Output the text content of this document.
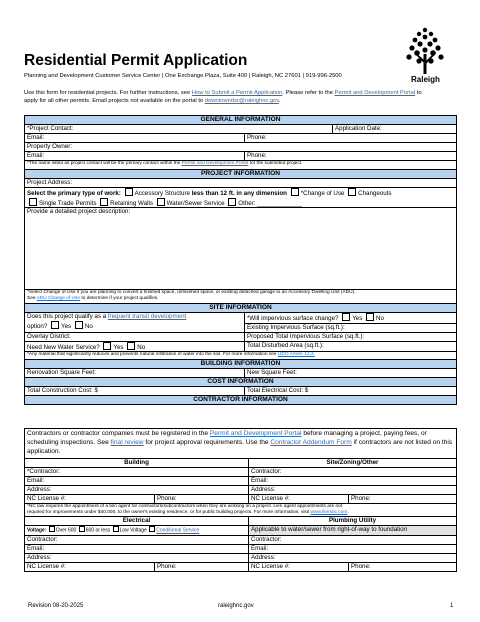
Raleigh
Residential Permit Application
Planning and Development Customer Service Center | One Exchange Plaza, Suite 400 | Raleigh, NC 27601 | 919-996-2500
Use this form for residential projects. For further instructions, see How to Submit a Permit Application. Please refer to the Permit and Development Portal to apply for all other permits. Email projects not available on the portal to downtowndsr@raleighnc.gov.
GENERAL INFORMATION		
*Project Contact:		Application Date:
Email:	Phone:	
Property Owner:		
Email:	Phone:	
*The name listed as project contact will be the primary contact within the Permit and Development Portal for the submitted project.		
PROJECT INFORMATION		
Project Address:		
Select the primary type of work: Accessory Structure less than 12 ft. in any dimension *Change of Use Changeouts
Single Trade Permits Retaining Walls Water/Sewer Service Other: _____________		
Provide a detailed project description:		
*Select Change of Use if you are planning to convert a finished space, unfinished space, or existing detached garage to an Accessory Dwelling Unit (ADU).
See ADU Change of Use to determine if your project qualifies.		
SITE INFORMATION		
Does this project qualify as a frequent transit development
option? Yes No	*Will impervious surface change? Yes No	
	Existing Impervious Surface (sq.ft.):	
Overlay District:	Proposed Total Impervious Surface (sq.ft.):	
Need New Water Service? Yes No	Total Disturbed Area (sq.ft.):	
*Any material that significantly reduces and prevents natural infiltration of water into the soil. For more information see UDO Article 12.2.		
BUILDING INFORMATION		
Renovation Square Feet:	New Square Feet:	
COST INFORMATION		
Total Construction Cost: $	Total Electrical Cost: $	
CONTRACTOR INFORMATION		
Contractors or contractor companies must be registered in the Permit and Development Portal before managing a project, paying fees, or scheduling inspections. See final review for project approval requirements. Use the Contractor Addendum Form if contractors are not listed on this application.			
Building		Site/Zoning/Other	
*Contractor:		Contractor:	
Email:		Email:	
Address:		Address:	
NC License #:	Phone:	NC License #:	Phone:
*NC law requires the appointment of a lien agent for contractors/subcontractors when they are working on a project. Lien agent appointments are not
required for improvements under $40,000, to the owner's existing residence, or for public building projects. For more information, visit www.liensnc.com.			
Electrical		Plumbing Utility	
Voltage: Over 600 600 or less Low Voltage Conditional Service		Applicable to water/sewer from right-of-way to foundation	
Contractor:		Contractor:	
Email:		Email:	
Address:		Address:	
NC License #:	Phone:	NC License #:	Phone:
Revision 08-20-2025	raleighnc.gov	1
